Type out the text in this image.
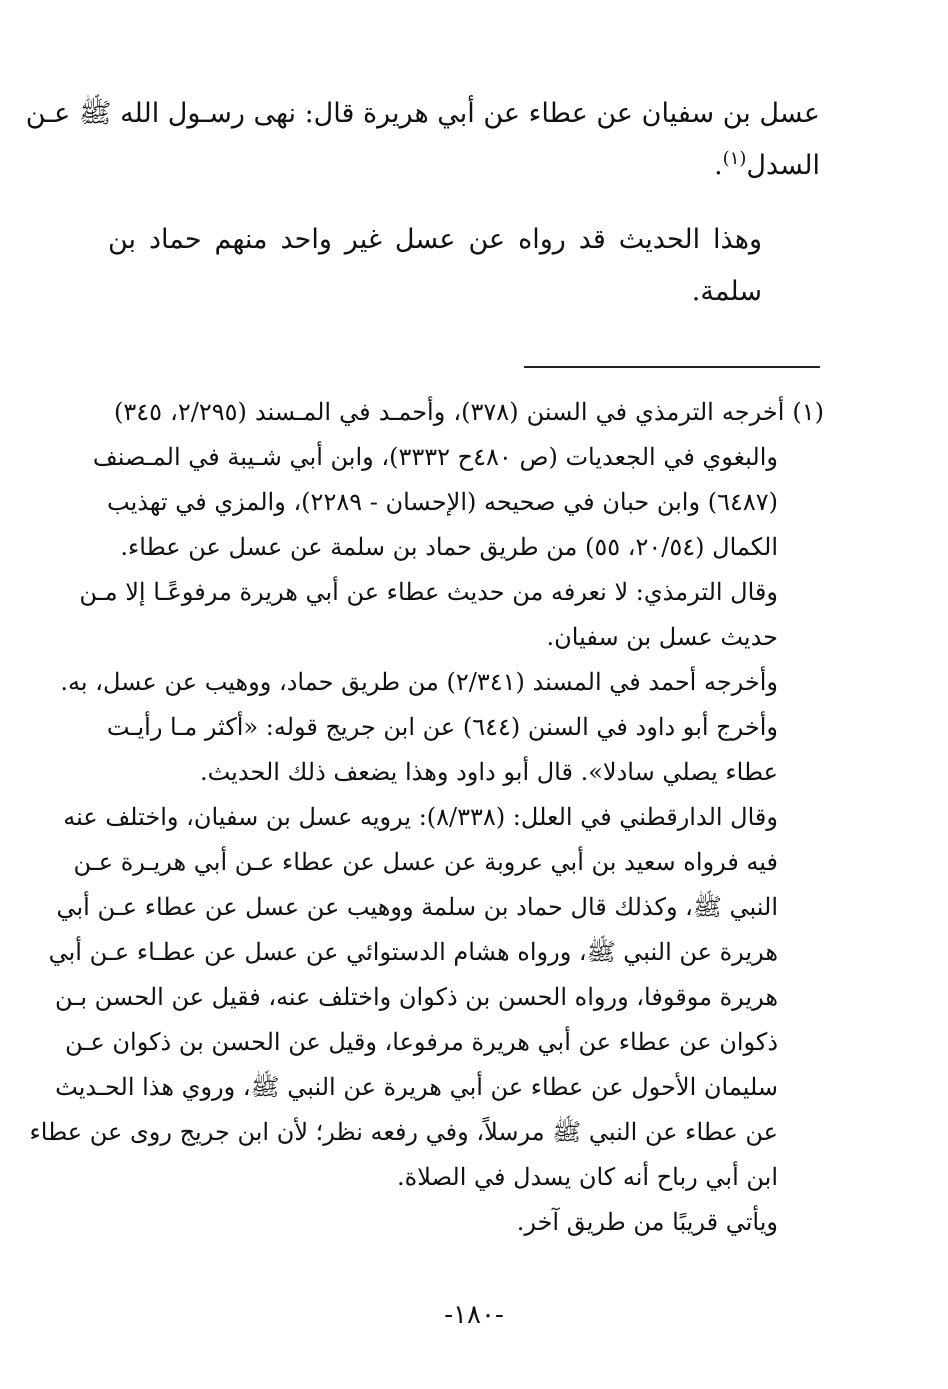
عسل بن سفيان عن عطاء عن أبي هريرة قال: نهى رسـول الله ﷺ عـن
السدل$^{(١)}$.
وهذا الحديث قد رواه عن عسل غير واحد منهم حماد بن سلمة.
(١)أخرجه الترمذي في السنن (٣٧٨)، وأحمـد في المـسند (٢/٢٩٥، ٣٤٥)
والبغوي في الجعديات (ص ٤٨٠ح ٣٣٣٢)، وابن أبي شـيبة في المـصنف
(٦٤٨٧) وابن حبان في صحيحه (الإحسان - ٢٢٨٩)، والمزي في تهذيب
الكمال (٢٠/٥٤، ٥٥) من طريق حماد بن سلمة عن عسل عن عطاء.
وقال الترمذي: لا نعرفه من حديث عطاء عن أبي هريرة مرفوعًـا إلا مـن
حديث عسل بن سفيان.
وأخرجه أحمد في المسند (٢/٣٤١) من طريق حماد، ووهيب عن عسل، به.
وأخرج أبو داود في السنن (٦٤٤) عن ابن جريج قوله: «أكثر مـا رأيـت
عطاء يصلي سادلا». قال أبو داود وهذا يضعف ذلك الحديث.
وقال الدارقطني في العلل: (٨/٣٣٨): يرويه عسل بن سفيان، واختلف عنه
فيه فرواه سعيد بن أبي عروبة عن عسل عن عطاء عـن أبي هريـرة عـن
النبي ﷺ، وكذلك قال حماد بن سلمة ووهيب عن عسل عن عطاء عـن أبي
هريرة عن النبي ﷺ، ورواه هشام الدستوائي عن عسل عن عطـاء عـن أبي
هريرة موقوفا، ورواه الحسن بن ذكوان واختلف عنه، فقيل عن الحسن بـن
ذكوان عن عطاء عن أبي هريرة مرفوعا، وقيل عن الحسن بن ذكوان عـن
سليمان الأحول عن عطاء عن أبي هريرة عن النبي ﷺ، وروي هذا الحـديث
عن عطاء عن النبي ﷺ مرسلاً، وفي رفعه نظر؛ لأن ابن جريج روى عن عطاء
ابن أبي رباح أنه كان يسدل في الصلاة.
ويأتي قريبًا من طريق آخر.
-١٨٠-
